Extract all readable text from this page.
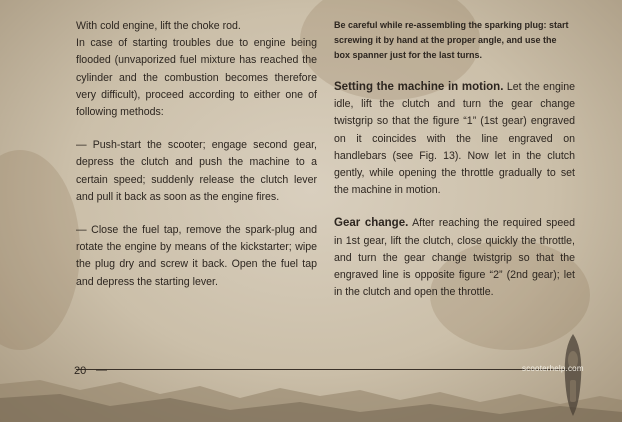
With cold engine, lift the choke rod.

In case of starting troubles due to engine being flooded (unvaporized fuel mixture has reached the cylinder and the combustion becomes therefore very difficult), proceed according to either one of following methods:

— Push-start the scooter; engage second gear, depress the clutch and push the machine to a certain speed; suddenly release the clutch lever and pull it back as soon as the engine fires.

— Close the fuel tap, remove the spark-plug and rotate the engine by means of the kickstarter; wipe the plug dry and screw it back. Open the fuel tap and depress the starting lever.

Be careful while re-assembling the sparking plug: start screwing it by hand at the proper angle, and use the box spanner just for the last turns.

Setting the machine in motion. Let the engine idle, lift the clutch and turn the gear change twistgrip so that the figure “1” (1st gear) engraved on it coincides with the line engraved on handlebars (see Fig. 13). Now let in the clutch gently, while opening the throttle gradually to set the machine in motion.

Gear change. After reaching the required speed in 1st gear, lift the clutch, close quickly the throttle, and turn the gear change twistgrip so that the engraved line is opposite figure “2” (2nd gear); let in the clutch and open the throttle.

20 —	scooterhelp.com
